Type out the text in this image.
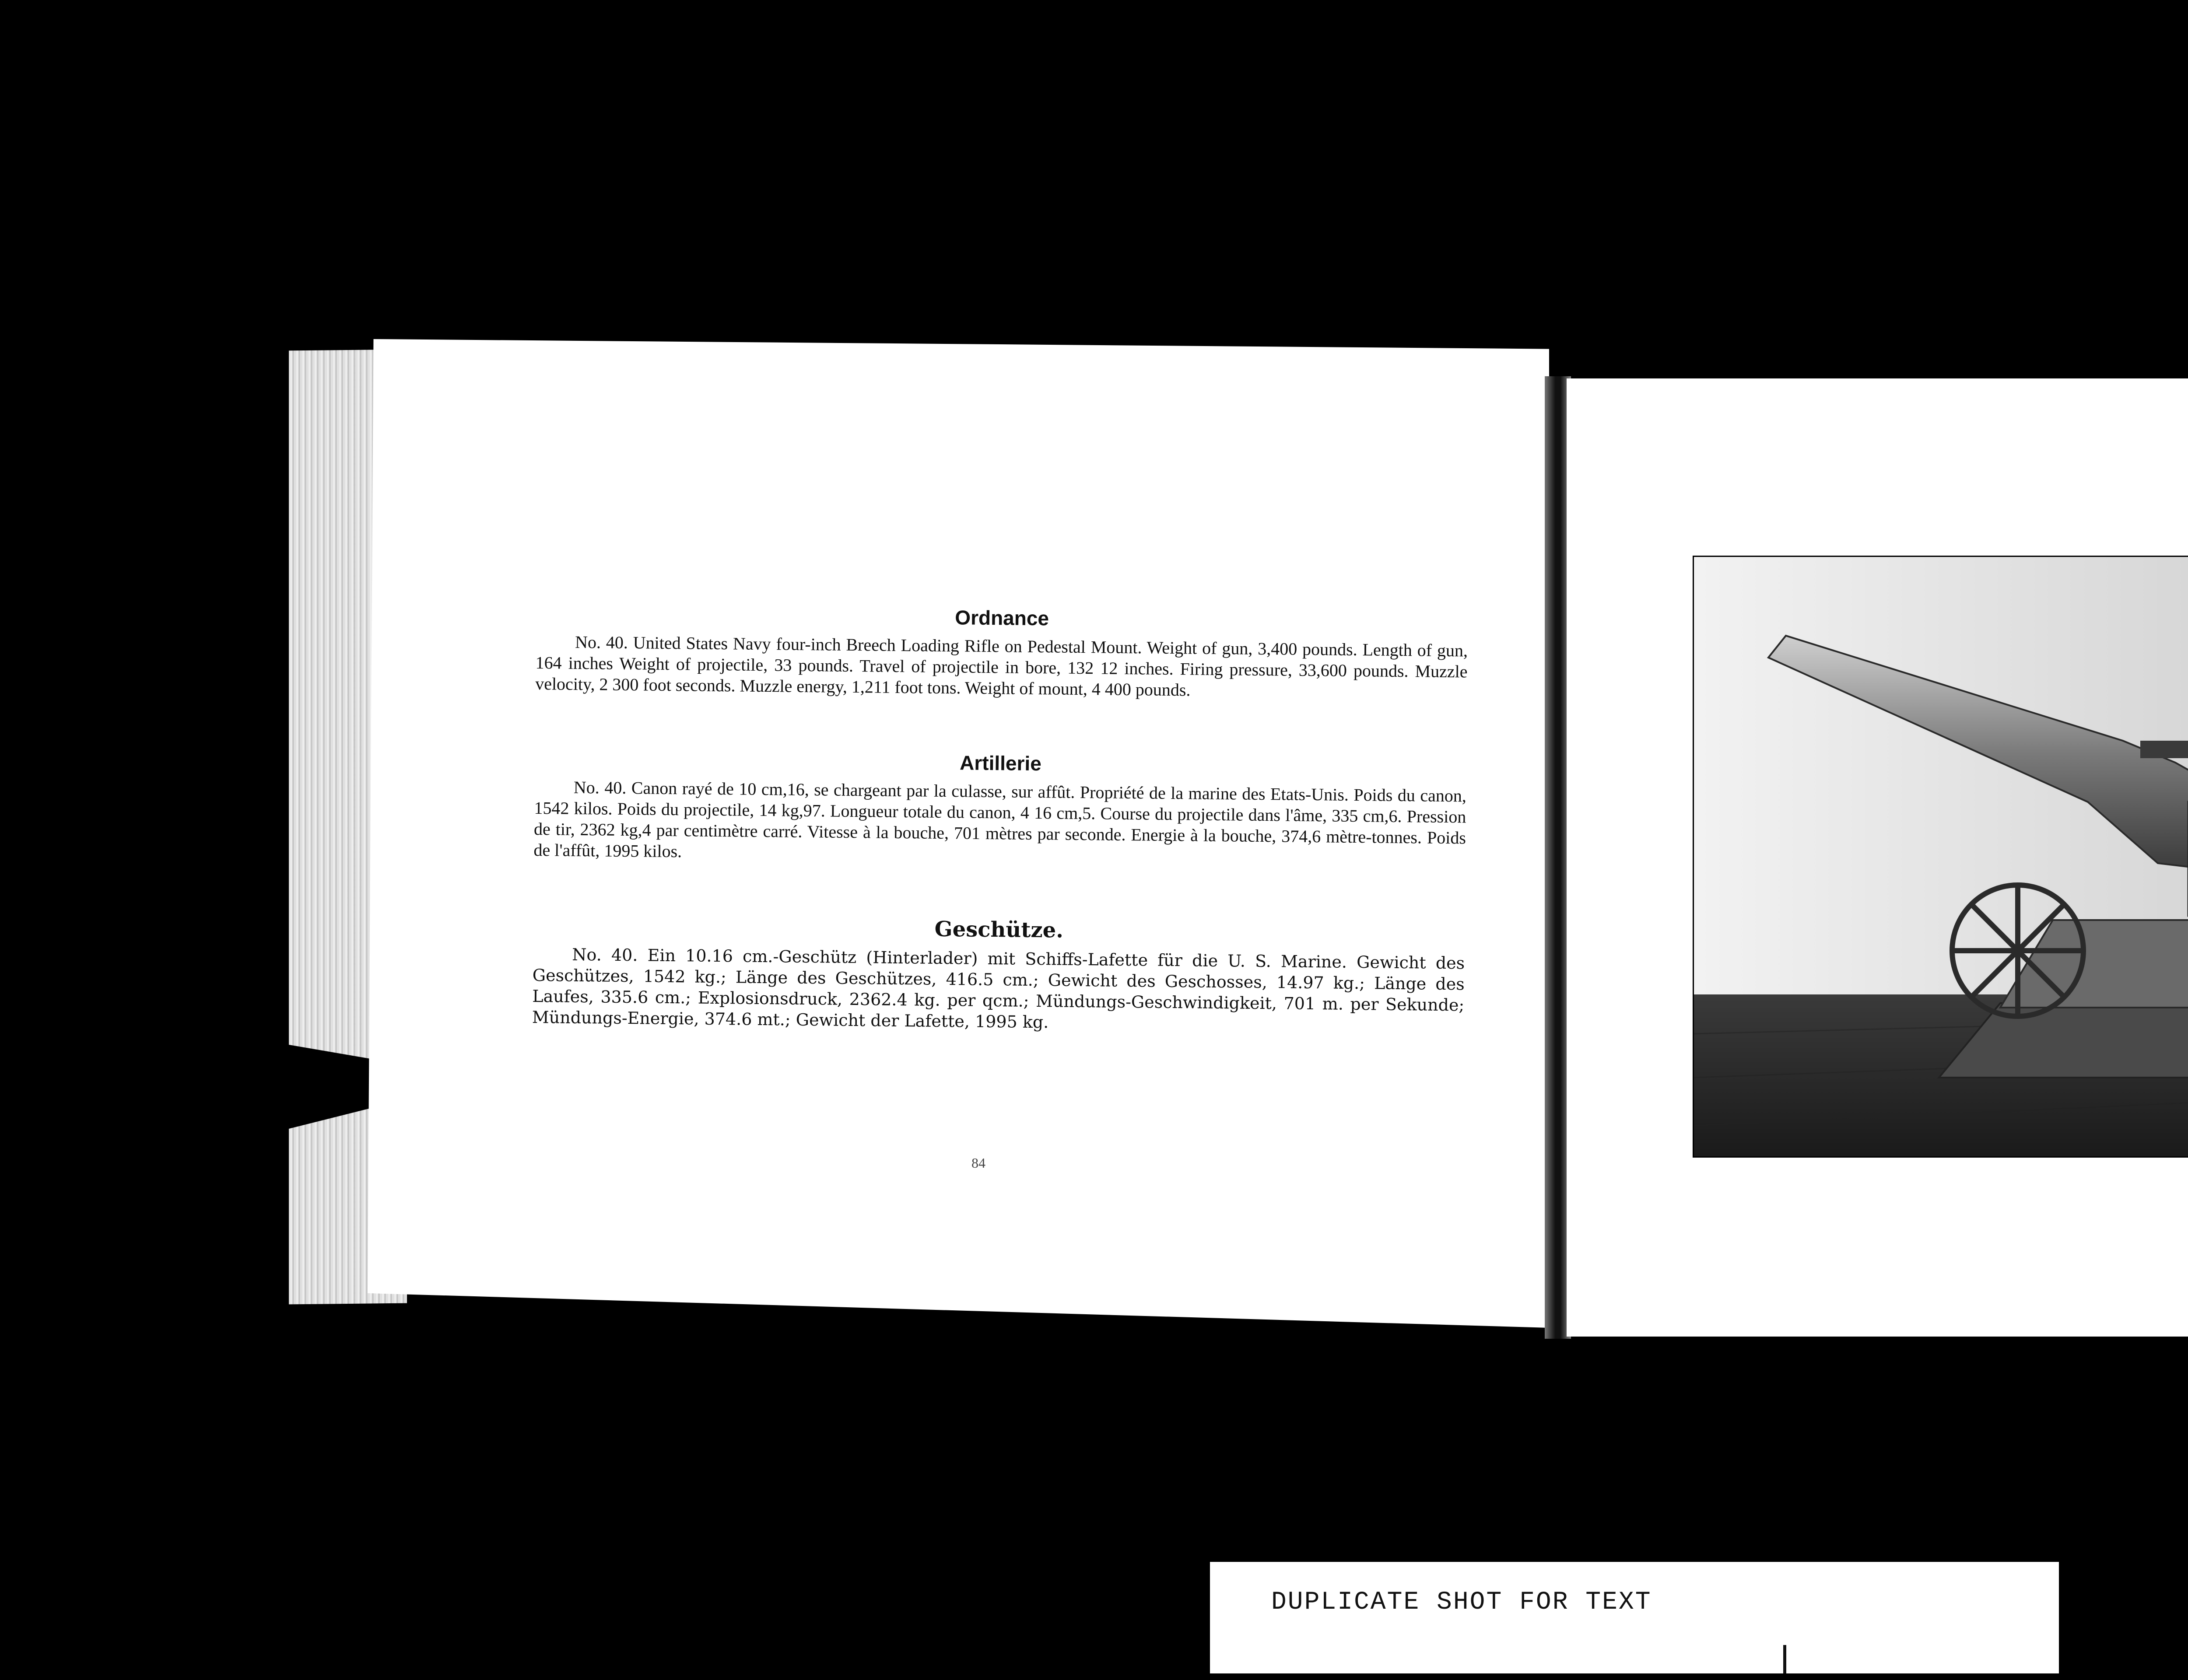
Ordnance
No. 40. United States Navy four-inch Breech Loading Rifle on Pedestal Mount. Weight of gun, 3,400 pounds. Length of gun, 164 inches Weight of projectile, 33 pounds. Travel of projectile in bore, 132 12 inches. Firing pressure, 33,600 pounds. Muzzle velocity, 2 300 foot seconds. Muzzle energy, 1,211 foot tons. Weight of mount, 4 400 pounds.
Artillerie
No. 40. Canon rayé de 10 cm,16, se chargeant par la culasse, sur affût. Propriété de la marine des Etats-Unis. Poids du canon, 1542 kilos. Poids du projectile, 14 kg,97. Longueur totale du canon, 4 16 cm,5. Course du projectile dans l'âme, 335 cm,6. Pression de tir, 2362 kg,4 par centimètre carré. Vitesse à la bouche, 701 mètres par seconde. Energie à la bouche, 374,6 mètre-tonnes. Poids de l'affût, 1995 kilos.
Geschütze.
No. 40. Ein 10.16 cm.-Geschütz (Hinterlader) mit Schiffs-Lafette für die U. S. Marine. Gewicht des Geschützes, 1542 kg.; Länge des Geschützes, 416.5 cm.; Gewicht des Geschosses, 14.97 kg.; Länge des Laufes, 335.6 cm.; Explosionsdruck, 2362.4 kg. per qcm.; Mündungs-Geschwindigkeit, 701 m. per Sekunde; Mündungs-Energie, 374.6 mt.; Gewicht der Lafette, 1995 kg.
84
DUPLICATE SHOT FOR TEXT
